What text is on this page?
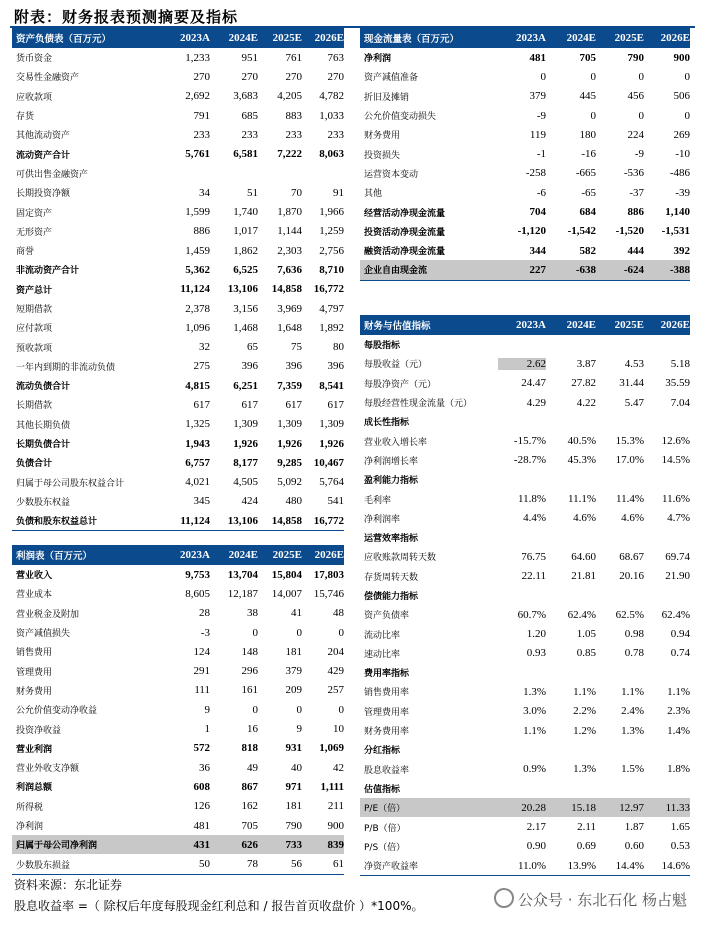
附表：财务报表预测摘要及指标
资产负债表（百万元）	2023A	2024E	2025E	2026E
货币资金	1,233	951	761	763
交易性金融资产	270	270	270	270
应收款项	2,692	3,683	4,205	4,782
存货	791	685	883	1,033
其他流动资产	233	233	233	233
流动资产合计	5,761	6,581	7,222	8,063
可供出售金融资产
长期投资净额	34	51	70	91
固定资产	1,599	1,740	1,870	1,966
无形资产	886	1,017	1,144	1,259
商誉	1,459	1,862	2,303	2,756
非流动资产合计	5,362	6,525	7,636	8,710
资产总计	11,124	13,106	14,858	16,772
短期借款	2,378	3,156	3,969	4,797
应付款项	1,096	1,468	1,648	1,892
预收款项	32	65	75	80
一年内到期的非流动负债	275	396	396	396
流动负债合计	4,815	6,251	7,359	8,541
长期借款	617	617	617	617
其他长期负债	1,325	1,309	1,309	1,309
长期负债合计	1,943	1,926	1,926	1,926
负债合计	6,757	8,177	9,285	10,467
归属于母公司股东权益合计	4,021	4,505	5,092	5,764
少数股东权益	345	424	480	541
负债和股东权益总计	11,124	13,106	14,858	16,772
现金流量表（百万元）	2023A	2024E	2025E	2026E
净利润	481	705	790	900
资产减值准备	0	0	0	0
折旧及摊销	379	445	456	506
公允价值变动损失	-9	0	0	0
财务费用	119	180	224	269
投资损失	-1	-16	-9	-10
运营资本变动	-258	-665	-536	-486
其他	-6	-65	-37	-39
经营活动净现金流量	704	684	886	1,140
投资活动净现金流量	-1,120	-1,542	-1,520	-1,531
融资活动净现金流量	344	582	444	392
企业自由现金流	227	-638	-624	-388
利润表（百万元）	2023A	2024E	2025E	2026E
营业收入	9,753	13,704	15,804	17,803
营业成本	8,605	12,187	14,007	15,746
营业税金及附加	28	38	41	48
资产减值损失	-3	0	0	0
销售费用	124	148	181	204
管理费用	291	296	379	429
财务费用	111	161	209	257
公允价值变动净收益	9	0	0	0
投资净收益	1	16	9	10
营业利润	572	818	931	1,069
营业外收支净额	36	49	40	42
利润总额	608	867	971	1,111
所得税	126	162	181	211
净利润	481	705	790	900
归属于母公司净利润	431	626	733	839
少数股东损益	50	78	56	61
财务与估值指标	2023A	2024E	2025E	2026E
每股指标
每股收益（元）	2.62	3.87	4.53	5.18
每股净资产（元）	24.47	27.82	31.44	35.59
每股经营性现金流量（元）	4.29	4.22	5.47	7.04
成长性指标
营业收入增长率	-15.7%	40.5%	15.3%	12.6%
净利润增长率	-28.7%	45.3%	17.0%	14.5%
盈利能力指标
毛利率	11.8%	11.1%	11.4%	11.6%
净利润率	4.4%	4.6%	4.6%	4.7%
运营效率指标
应收账款周转天数	76.75	64.60	68.67	69.74
存货周转天数	22.11	21.81	20.16	21.90
偿债能力指标
资产负债率	60.7%	62.4%	62.5%	62.4%
流动比率	1.20	1.05	0.98	0.94
速动比率	0.93	0.85	0.78	0.74
费用率指标
销售费用率	1.3%	1.1%	1.1%	1.1%
管理费用率	3.0%	2.2%	2.4%	2.3%
财务费用率	1.1%	1.2%	1.3%	1.4%
分红指标
股息收益率	0.9%	1.3%	1.5%	1.8%
估值指标
P/E（倍）	20.28	15.18	12.97	11.33
P/B（倍）	2.17	2.11	1.87	1.65
P/S（倍）	0.90	0.69	0.60	0.53
净资产收益率	11.0%	13.9%	14.4%	14.6%
资料来源：东北证券
股息收益率 =（ 除权后年度每股现金红利总和 / 报告首页收盘价 ）*100%。	公众号 · 东北石化 杨占魁
